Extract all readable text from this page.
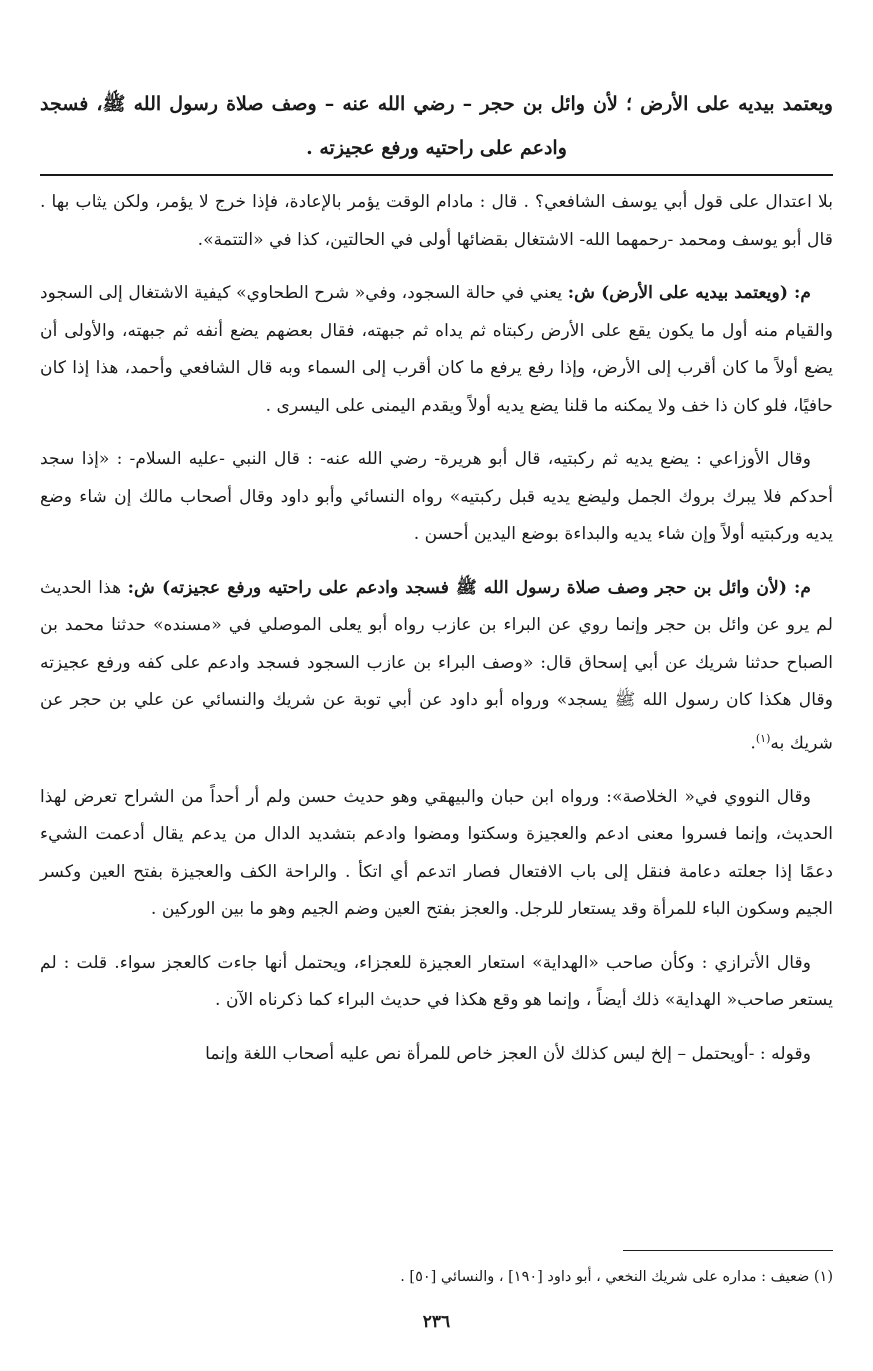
ويعتمد بيديه على الأرض ؛ لأن وائل بن حجر – رضي الله عنه – وصف صلاة رسول الله ﷺ، فسجد وادعم على راحتيه ورفع عجيزته .

بلا اعتدال على قول أبي يوسف الشافعي؟ . قال : مادام الوقت يؤمر بالإعادة، فإذا خرج لا يؤمر، ولكن يثاب بها . قال أبو يوسف ومحمد -رحمهما الله- الاشتغال بقضائها أولى في الحالتين، كذا في «التتمة».

م: (ويعتمد بيديه على الأرض) ش: يعني في حالة السجود، وفي« شرح الطحاوي» كيفية الاشتغال إلى السجود والقيام منه أول ما يكون يقع على الأرض ركبتاه ثم يداه ثم جبهته، فقال بعضهم يضع أنفه ثم جبهته، والأولى أن يضع أولاً ما كان أقرب إلى الأرض، وإذا رفع يرفع ما كان أقرب إلى السماء وبه قال الشافعي وأحمد، هذا إذا كان حافيًا، فلو كان ذا خف ولا يمكنه ما قلنا يضع يديه أولاً ويقدم اليمنى على اليسرى .

وقال الأوزاعي : يضع يديه ثم ركبتيه، قال أبو هريرة- رضي الله عنه- : قال النبي -عليه السلام- : «إذا سجد أحدكم فلا يبرك بروك الجمل وليضع يديه قبل ركبتيه» رواه النسائي وأبو داود وقال أصحاب مالك إن شاء وضع يديه وركبتيه أولاً وإن شاء يديه والبداءة بوضع اليدين أحسن .

م: (لأن وائل بن حجر وصف صلاة رسول الله ﷺ فسجد وادعم على راحتيه ورفع عجيزته) ش: هذا الحديث لم يرو عن وائل بن حجر وإنما روي عن البراء بن عازب رواه أبو يعلى الموصلي في «مسنده» حدثنا محمد بن الصباح حدثنا شريك عن أبي إسحاق قال: «وصف البراء بن عازب السجود فسجد وادعم على كفه ورفع عجيزته وقال هكذا كان رسول الله ﷺ يسجد» ورواه أبو داود عن أبي توبة عن شريك والنسائي عن علي بن حجر عن شريك به$^{(١)}$.

وقال النووي في« الخلاصة»: ورواه ابن حبان والبيهقي وهو حديث حسن ولم أر أحداً من الشراح تعرض لهذا الحديث، وإنما فسروا معنى ادعم والعجيزة وسكتوا ومضوا وادعم بتشديد الدال من يدعم يقال أدعمت الشيء دعمًا إذا جعلته دعامة فنقل إلى باب الافتعال فصار اتدعم أي اتكأ . والراحة الكف والعجيزة بفتح العين وكسر الجيم وسكون الباء للمرأة وقد يستعار للرجل. والعجز بفتح العين وضم الجيم وهو ما بين الوركين .

وقال الأترازي : وكأن صاحب «الهداية» استعار العجيزة للعجزاء، ويحتمل أنها جاءت كالعجز سواء. قلت : لم يستعر صاحب« الهداية» ذلك أيضاً ، وإنما هو وقع هكذا في حديث البراء كما ذكرناه الآن .

وقوله : -أويحتمل – إلخ ليس كذلك لأن العجز خاص للمرأة نص عليه أصحاب اللغة وإنما

(١) ضعيف : مداره على شريك النخعي ، أبو داود [١٩٠] ، والنسائي [٥٠] .
٢٣٦
